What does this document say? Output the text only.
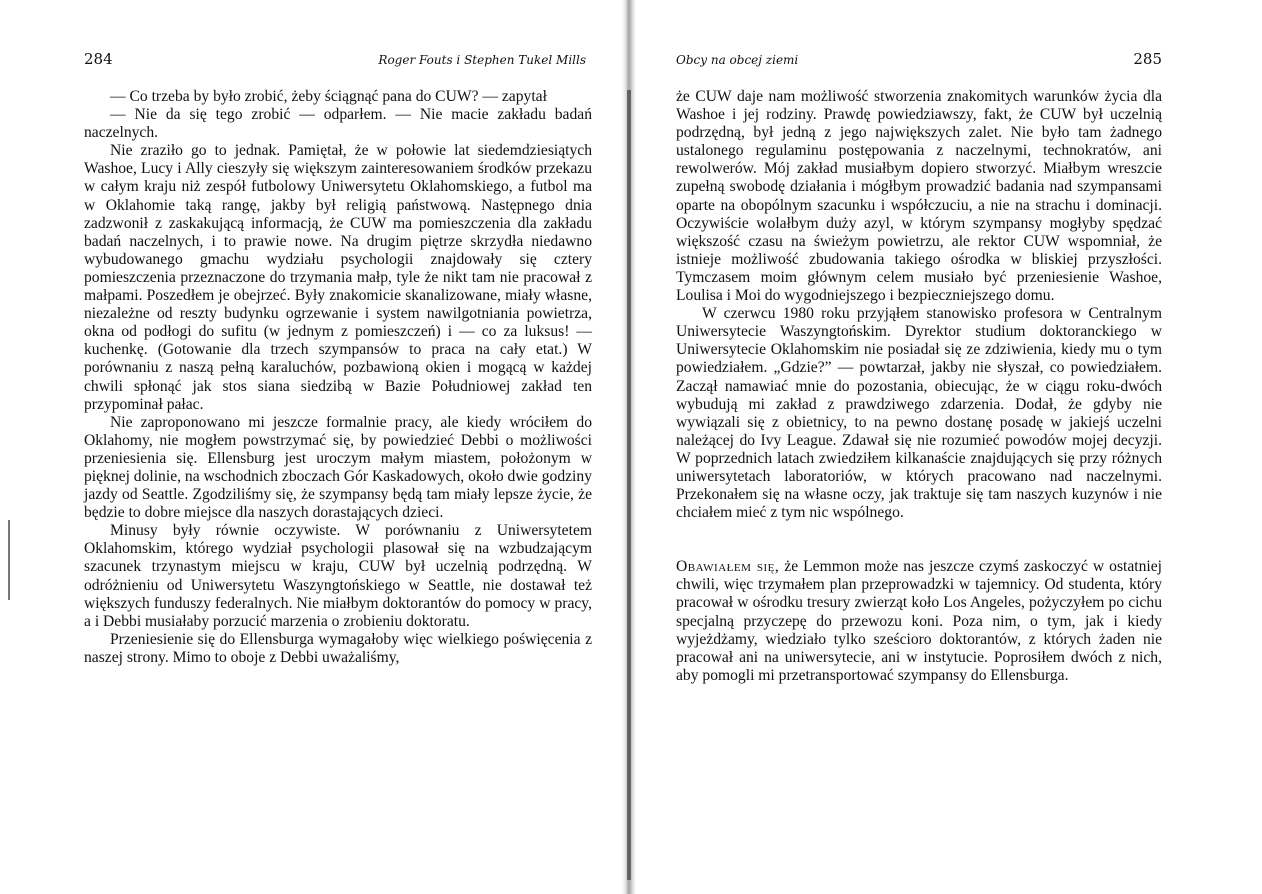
284	Roger Fouts i Stephen Tukel Mills

— Co trzeba by było zrobić, żeby ściągnąć pana do CUW? — zapytał

— Nie da się tego zrobić — odparłem. — Nie macie zakładu badań naczelnych.

Nie zraziło go to jednak. Pamiętał, że w połowie lat siedemdziesiątych Washoe, Lucy i Ally cieszyły się większym zainteresowaniem środków przekazu w całym kraju niż zespół futbolowy Uniwersytetu Oklahomskiego, a futbol ma w Oklahomie taką rangę, jakby był religią państwową. Następnego dnia zadzwonił z zaskakującą informacją, że CUW ma pomieszczenia dla zakładu badań naczelnych, i to prawie nowe. Na drugim piętrze skrzydła niedawno wybudowanego gmachu wydziału psychologii znajdowały się cztery pomieszczenia przeznaczone do trzymania małp, tyle że nikt tam nie pracował z małpami. Poszedłem je obejrzeć. Były znakomicie skanalizowane, miały własne, niezależne od reszty budynku ogrzewanie i system nawilgotniania powietrza, okna od podłogi do sufitu (w jednym z pomieszczeń) i — co za luksus! — kuchenkę. (Gotowanie dla trzech szympansów to praca na cały etat.) W porównaniu z naszą pełną karaluchów, pozbawioną okien i mogącą w każdej chwili spłonąć jak stos siana siedzibą w Bazie Południowej zakład ten przypominał pałac.

Nie zaproponowano mi jeszcze formalnie pracy, ale kiedy wróciłem do Oklahomy, nie mogłem powstrzymać się, by powiedzieć Debbi o możliwości przeniesienia się. Ellensburg jest uroczym małym miastem, położonym w pięknej dolinie, na wschodnich zboczach Gór Kaskadowych, około dwie godziny jazdy od Seattle. Zgodziliśmy się, że szympansy będą tam miały lepsze życie, że będzie to dobre miejsce dla naszych dorastających dzieci.

Minusy były równie oczywiste. W porównaniu z Uniwersytetem Oklahomskim, którego wydział psychologii plasował się na wzbudzającym szacunek trzynastym miejscu w kraju, CUW był uczelnią podrzędną. W odróżnieniu od Uniwersytetu Waszyngtońskiego w Seattle, nie dostawał też większych funduszy federalnych. Nie miałbym doktorantów do pomocy w pracy, a i Debbi musiałaby porzucić marzenia o zrobieniu doktoratu.

Przeniesienie się do Ellensburga wymagałoby więc wielkiego poświęcenia z naszej strony. Mimo to oboje z Debbi uważaliśmy,

Obcy na obcej ziemi	285

że CUW daje nam możliwość stworzenia znakomitych warunków życia dla Washoe i jej rodziny. Prawdę powiedziawszy, fakt, że CUW był uczelnią podrzędną, był jedną z jego największych zalet. Nie było tam żadnego ustalonego regulaminu postępowania z naczelnymi, technokratów, ani rewolwerów. Mój zakład musiałbym dopiero stworzyć. Miałbym wreszcie zupełną swobodę działania i mógłbym prowadzić badania nad szympansami oparte na obopólnym szacunku i współczuciu, a nie na strachu i dominacji. Oczywiście wolałbym duży azyl, w którym szympansy mogłyby spędzać większość czasu na świeżym powietrzu, ale rektor CUW wspomniał, że istnieje możliwość zbudowania takiego ośrodka w bliskiej przyszłości. Tymczasem moim głównym celem musiało być przeniesienie Washoe, Loulisa i Moi do wygodniejszego i bezpieczniejszego domu.

W czerwcu 1980 roku przyjąłem stanowisko profesora w Centralnym Uniwersytecie Waszyngtońskim. Dyrektor studium doktoranckiego w Uniwersytecie Oklahomskim nie posiadał się ze zdziwienia, kiedy mu o tym powiedziałem. „Gdzie?” — powtarzał, jakby nie słyszał, co powiedziałem. Zaczął namawiać mnie do pozostania, obiecując, że w ciągu roku-dwóch wybudują mi zakład z prawdziwego zdarzenia. Dodał, że gdyby nie wywiązali się z obietnicy, to na pewno dostanę posadę w jakiejś uczelni należącej do Ivy League. Zdawał się nie rozumieć powodów mojej decyzji. W poprzednich latach zwiedziłem kilkanaście znajdujących się przy różnych uniwersytetach laboratoriów, w których pracowano nad naczelnymi. Przekonałem się na własne oczy, jak traktuje się tam naszych kuzynów i nie chciałem mieć z tym nic wspólnego.

Obawiałem się, że Lemmon może nas jeszcze czymś zaskoczyć w ostatniej chwili, więc trzymałem plan przeprowadzki w tajemnicy. Od studenta, który pracował w ośrodku tresury zwierząt koło Los Angeles, pożyczyłem po cichu specjalną przyczepę do przewozu koni. Poza nim, o tym, jak i kiedy wyjeżdżamy, wiedziało tylko sześcioro doktorantów, z których żaden nie pracował ani na uniwersytecie, ani w instytucie. Poprosiłem dwóch z nich, aby pomogli mi przetransportować szympansy do Ellensburga.
